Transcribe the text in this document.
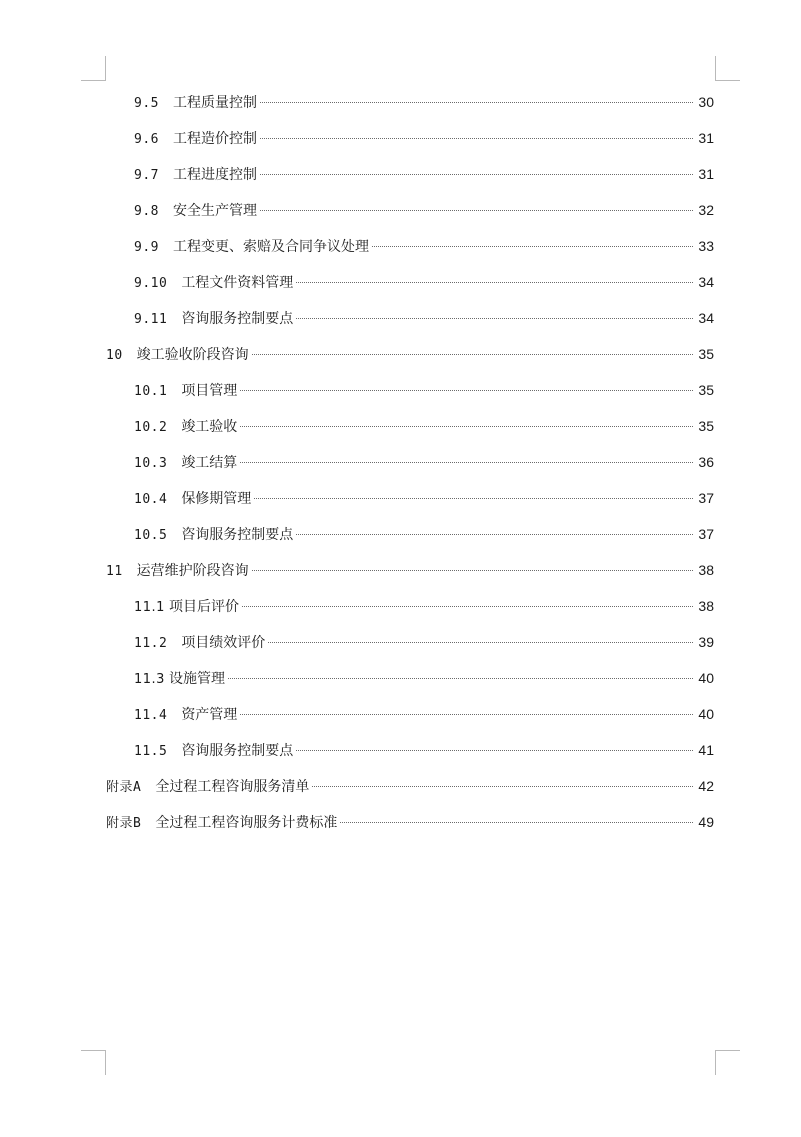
9.5 工程质量控制	30
9.6 工程造价控制	31
9.7 工程进度控制	31
9.8 安全生产管理	32
9.9 工程变更、索赔及合同争议处理	33
9.10 工程文件资料管理	34
9.11 咨询服务控制要点	34
10 竣工验收阶段咨询	35
10.1 项目管理	35
10.2 竣工验收	35
10.3 竣工结算	36
10.4 保修期管理	37
10.5 咨询服务控制要点	37
11 运营维护阶段咨询	38
11.1 项目后评价	38
11.2 项目绩效评价	39
11.3 设施管理	40
11.4 资产管理	40
11.5 咨询服务控制要点	41
附录A 全过程工程咨询服务清单	42
附录B 全过程工程咨询服务计费标准	49
